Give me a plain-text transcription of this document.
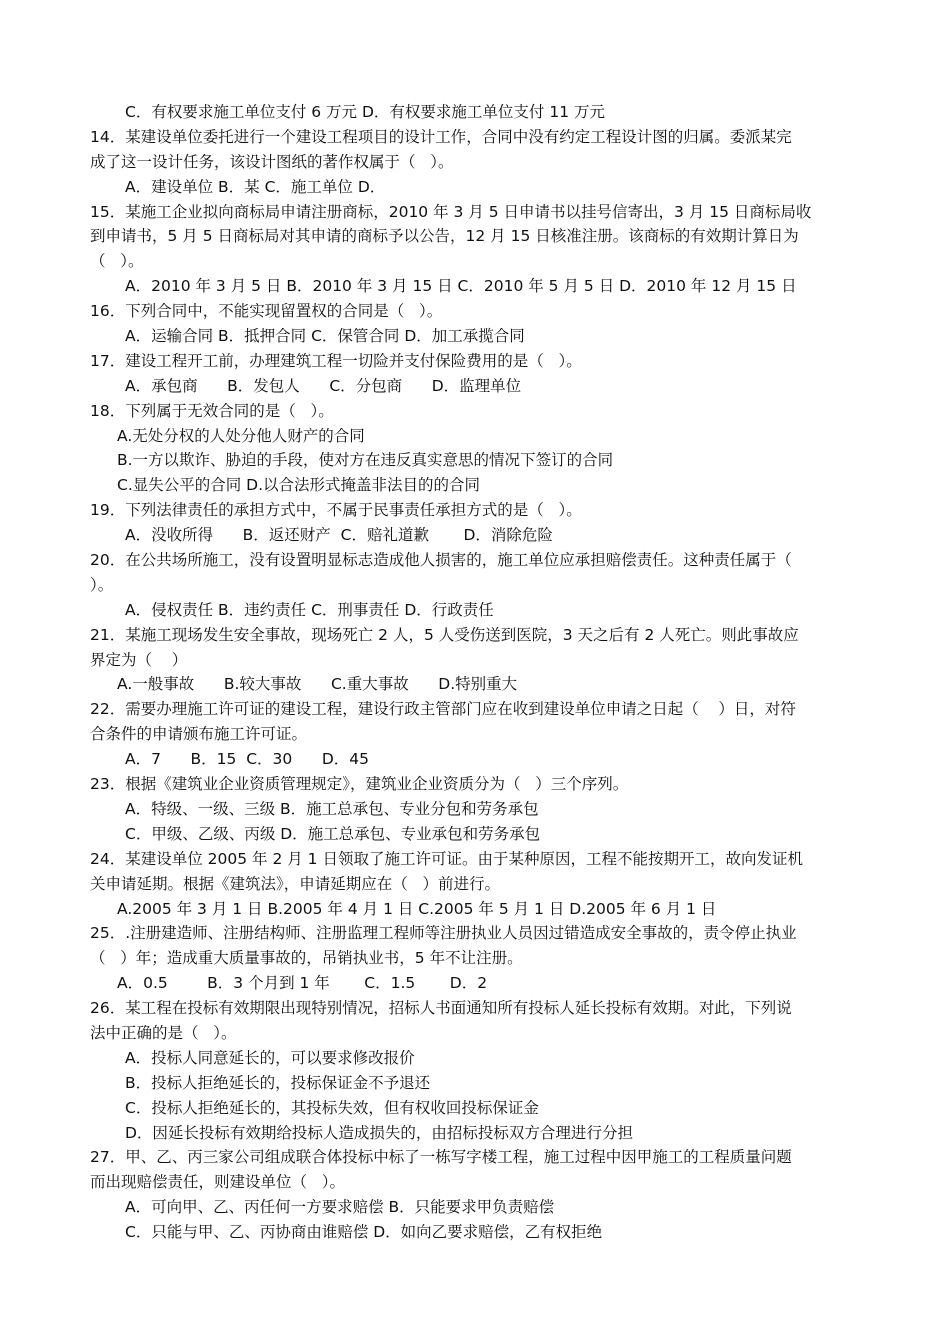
C．有权要求施工单位支付 6 万元 D．有权要求施工单位支付 11 万元
14．某建设单位委托进行一个建设工程项目的设计工作，合同中没有约定工程设计图的归属。委派某完
成了这一设计任务，该设计图纸的著作权属于（   ）。
A．建设单位 B．某 C．施工单位 D．
15．某施工企业拟向商标局申请注册商标，2010 年 3 月 5 日申请书以挂号信寄出，3 月 15 日商标局收
到申请书，5 月 5 日商标局对其申请的商标予以公告，12 月 15 日核准注册。该商标的有效期计算日为
（   ）。
A．2010 年 3 月 5 日 B．2010 年 3 月 15 日 C．2010 年 5 月 5 日 D．2010 年 12 月 15 日
16．下列合同中，不能实现留置权的合同是（   ）。
A．运输合同 B．抵押合同 C．保管合同 D．加工承揽合同
17．建设工程开工前，办理建筑工程一切险并支付保险费用的是（   ）。
A．承包商      B．发包人      C．分包商      D．监理单位
18．下列属于无效合同的是（   ）。
A.无处分权的人处分他人财产的合同
B.一方以欺诈、胁迫的手段，使对方在违反真实意思的情况下签订的合同
C.显失公平的合同 D.以合法形式掩盖非法目的的合同
19．下列法律责任的承担方式中，不属于民事责任承担方式的是（   ）。
A．没收所得      B．返还财产  C．赔礼道歉       D．消除危险
20．在公共场所施工，没有设置明显标志造成他人损害的，施工单位应承担赔偿责任。这种责任属于（
）。
A．侵权责任 B．违约责任 C．刑事责任 D．行政责任
21．某施工现场发生安全事故，现场死亡 2 人，5 人受伤送到医院，3 天之后有 2 人死亡。则此事故应
界定为（    ）
A.一般事故      B.较大事故      C.重大事故      D.特别重大
22．需要办理施工许可证的建设工程，建设行政主管部门应在收到建设单位申请之日起（    ）日，对符
合条件的申请颁布施工许可证。
A．7      B．15  C．30      D．45
23．根据《建筑业企业资质管理规定》，建筑业企业资质分为（   ）三个序列。
A．特级、一级、三级 B．施工总承包、专业分包和劳务承包
C．甲级、乙级、丙级 D．施工总承包、专业承包和劳务承包
24．某建设单位 2005 年 2 月 1 日领取了施工许可证。由于某种原因，工程不能按期开工，故向发证机
关申请延期。根据《建筑法》，申请延期应在（   ）前进行。
A.2005 年 3 月 1 日 B.2005 年 4 月 1 日 C.2005 年 5 月 1 日 D.2005 年 6 月 1 日
25．.注册建造师、注册结构师、注册监理工程师等注册执业人员因过错造成安全事故的，责令停止执业
（   ）年；造成重大质量事故的，吊销执业书，5 年不让注册。
A．0.5        B．3 个月到 1 年       C．1.5       D．2
26．某工程在投标有效期限出现特别情况，招标人书面通知所有投标人延长投标有效期。对此，下列说
法中正确的是（   ）。
A．投标人同意延长的，可以要求修改报价
B．投标人拒绝延长的，投标保证金不予退还
C．投标人拒绝延长的，其投标失效，但有权收回投标保证金
D．因延长投标有效期给投标人造成损失的，由招标投标双方合理进行分担
27．甲、乙、丙三家公司组成联合体投标中标了一栋写字楼工程，施工过程中因甲施工的工程质量问题
而出现赔偿责任，则建设单位（   ）。
A．可向甲、乙、丙任何一方要求赔偿 B．只能要求甲负责赔偿
C．只能与甲、乙、丙协商由谁赔偿 D．如向乙要求赔偿，乙有权拒绝
